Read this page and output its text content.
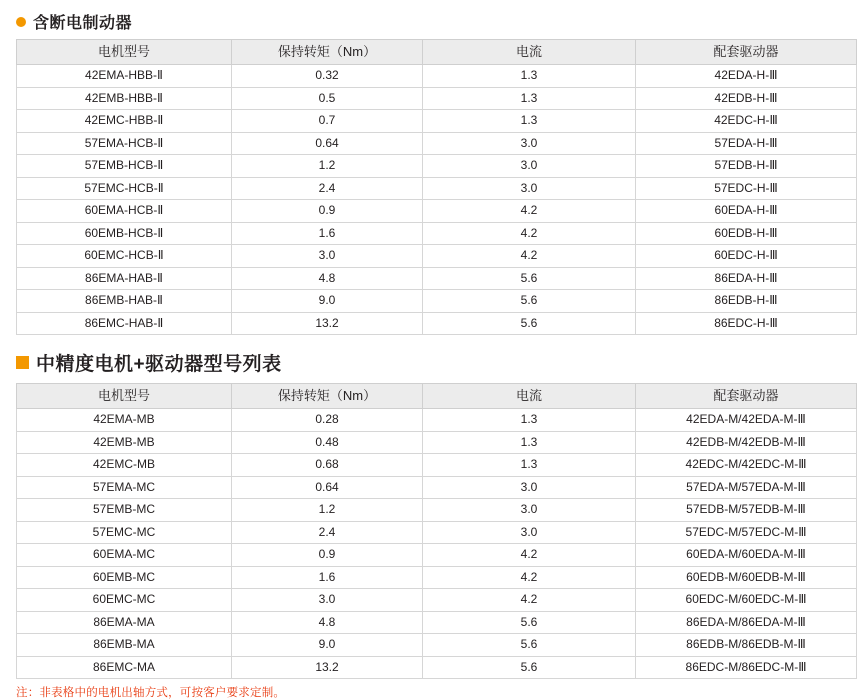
含断电制动器
电机型号	保持转矩（Nm）	电流	配套驱动器
42EMA-HBB-Ⅱ	0.32	1.3	42EDA-H-Ⅲ
42EMB-HBB-Ⅱ	0.5	1.3	42EDB-H-Ⅲ
42EMC-HBB-Ⅱ	0.7	1.3	42EDC-H-Ⅲ
57EMA-HCB-Ⅱ	0.64	3.0	57EDA-H-Ⅲ
57EMB-HCB-Ⅱ	1.2	3.0	57EDB-H-Ⅲ
57EMC-HCB-Ⅱ	2.4	3.0	57EDC-H-Ⅲ
60EMA-HCB-Ⅱ	0.9	4.2	60EDA-H-Ⅲ
60EMB-HCB-Ⅱ	1.6	4.2	60EDB-H-Ⅲ
60EMC-HCB-Ⅱ	3.0	4.2	60EDC-H-Ⅲ
86EMA-HAB-Ⅱ	4.8	5.6	86EDA-H-Ⅲ
86EMB-HAB-Ⅱ	9.0	5.6	86EDB-H-Ⅲ
86EMC-HAB-Ⅱ	13.2	5.6	86EDC-H-Ⅲ
中精度电机+驱动器型号列表
电机型号	保持转矩（Nm）	电流	配套驱动器
42EMA-MB	0.28	1.3	42EDA-M/42EDA-M-Ⅲ
42EMB-MB	0.48	1.3	42EDB-M/42EDB-M-Ⅲ
42EMC-MB	0.68	1.3	42EDC-M/42EDC-M-Ⅲ
57EMA-MC	0.64	3.0	57EDA-M/57EDA-M-Ⅲ
57EMB-MC	1.2	3.0	57EDB-M/57EDB-M-Ⅲ
57EMC-MC	2.4	3.0	57EDC-M/57EDC-M-Ⅲ
60EMA-MC	0.9	4.2	60EDA-M/60EDA-M-Ⅲ
60EMB-MC	1.6	4.2	60EDB-M/60EDB-M-Ⅲ
60EMC-MC	3.0	4.2	60EDC-M/60EDC-M-Ⅲ
86EMA-MA	4.8	5.6	86EDA-M/86EDA-M-Ⅲ
86EMB-MA	9.0	5.6	86EDB-M/86EDB-M-Ⅲ
86EMC-MA	13.2	5.6	86EDC-M/86EDC-M-Ⅲ
注：非表格中的电机出轴方式，可按客户要求定制。
